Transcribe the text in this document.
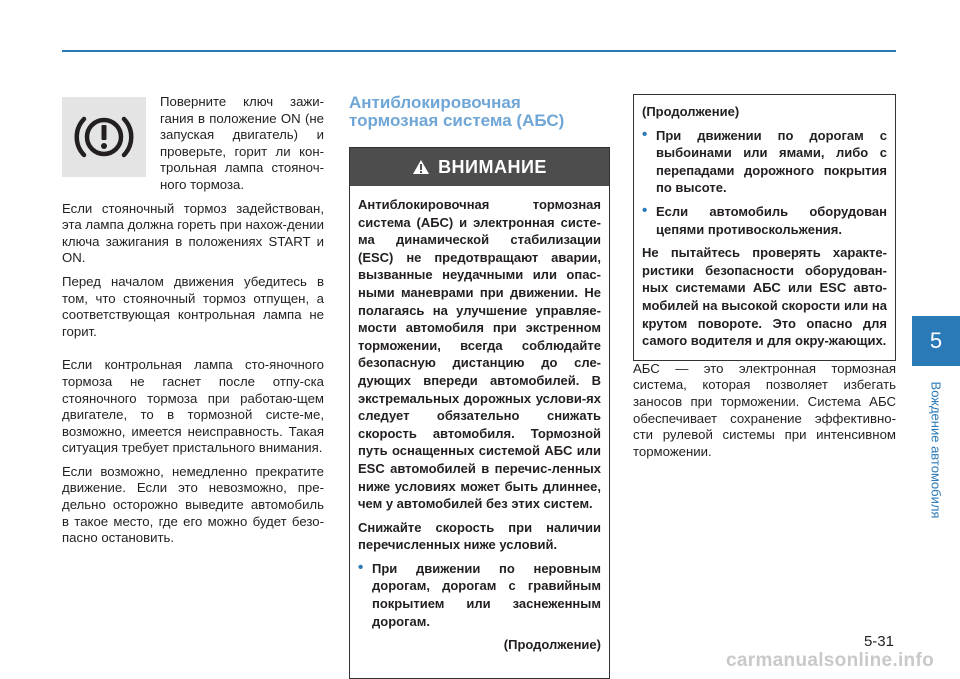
Поверните ключ зажи-гания в положение ON (не запуская двигатель) и проверьте, горит ли кон-трольная лампа стояноч-ного тормоза.

Если стояночный тормоз задействован, эта лампа должна гореть при нахож-дении ключа зажигания в положениях START и ON.

Перед началом движения убедитесь в том, что стояночный тормоз отпущен, а соответствующая контрольная лампа не горит.

Если контрольная лампа сто-яночного тормоза не гаснет после отпу-ска стояночного тормоза при работаю-щем двигателе, то в тормозной систе-ме, возможно, имеется неисправность. Такая ситуация требует пристального внимания.

Если возможно, немедленно прекратите движение. Если это невозможно, пре-дельно осторожно выведите автомобиль в такое место, где его можно будет безо-пасно остановить.

Антиблокировочная тормозная система (АБС)
ВНИМАНИЕ

Антиблокировочная тормозная система (АБС) и электронная систе-ма динамической стабилизации (ESC) не предотвращают аварии, вызванные неудачными или опас-ными маневрами при движении. Не полагаясь на улучшение управляе-мости автомобиля при экстренном торможении, всегда соблюдайте безопасную дистанцию до сле-дующих впереди автомобилей. В экстремальных дорожных услови-ях следует обязательно снижать скорость автомобиля. Тормозной путь оснащенных системой АБС или ESC автомобилей в перечис-ленных ниже условиях может быть длиннее, чем у автомобилей без этих систем.

Снижайте скорость при наличии перечисленных ниже условий.

• При движении по неровным дорогам, дорогам с гравийным покрытием или заснеженным дорогам.

(Продолжение)

(Продолжение)

• При движении по дорогам с выбоинами или ямами, либо с перепадами дорожного покрытия по высоте.

• Если автомобиль оборудован цепями противоскольжения.

Не пытайтесь проверять характе-ристики безопасности оборудован-ных системами АБС или ESC авто-мобилей на высокой скорости или на крутом повороте. Это опасно для самого водителя и для окру-жающих.

АБС — это электронная тормозная система, которая позволяет избегать заносов при торможении. Система АБС обеспечивает сохранение эффективно-сти рулевой системы при интенсивном торможении.

5
Вождение автомобиля
5-31
carmanualsonline.info
